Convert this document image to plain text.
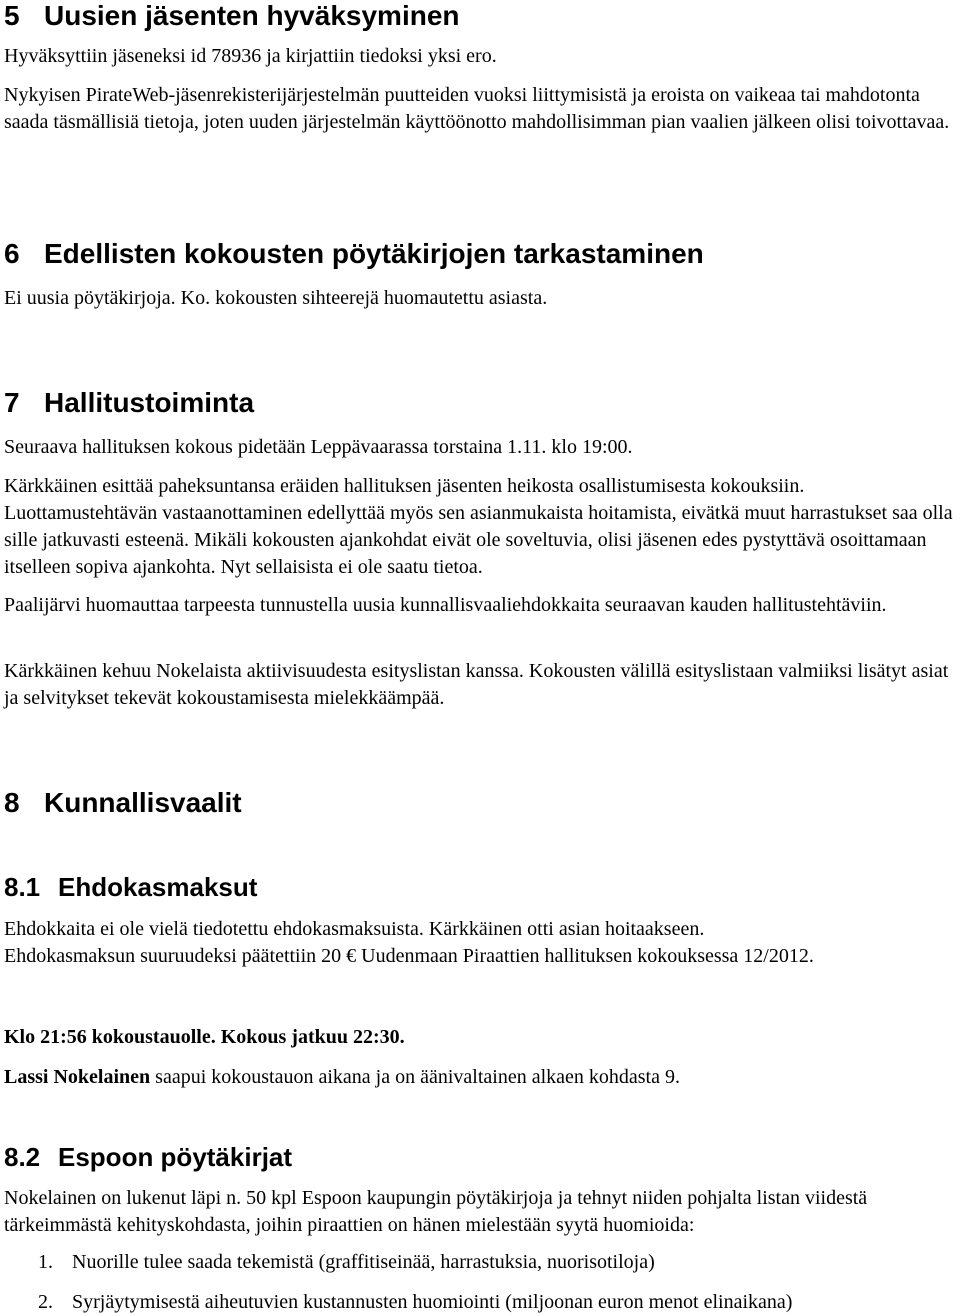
5 Uusien jäsenten hyväksyminen

Hyväksyttiin jäseneksi id 78936 ja kirjattiin tiedoksi yksi ero.

Nykyisen PirateWeb-jäsenrekisterijärjestelmän puutteiden vuoksi liittymisistä ja eroista on vaikeaa tai mahdotonta saada täsmällisiä tietoja, joten uuden järjestelmän käyttöönotto mahdollisimman pian vaalien jälkeen olisi toivottavaa.

6 Edellisten kokousten pöytäkirjojen tarkastaminen

Ei uusia pöytäkirjoja. Ko. kokousten sihteerejä huomautettu asiasta.

7 Hallitustoiminta

Seuraava hallituksen kokous pidetään Leppävaarassa torstaina 1.11. klo 19:00.

Kärkkäinen esittää paheksuntansa eräiden hallituksen jäsenten heikosta osallistumisesta kokouksiin. Luottamustehtävän vastaanottaminen edellyttää myös sen asianmukaista hoitamista, eivätkä muut harrastukset saa olla sille jatkuvasti esteenä. Mikäli kokousten ajankohdat eivät ole soveltuvia, olisi jäsenen edes pystyttävä osoittamaan itselleen sopiva ajankohta. Nyt sellaisista ei ole saatu tietoa.

Paalijärvi huomauttaa tarpeesta tunnustella uusia kunnallisvaaliehdokkaita seuraavan kauden hallitustehtäviin.

Kärkkäinen kehuu Nokelaista aktiivisuudesta esityslistan kanssa. Kokousten välillä esityslistaan valmiiksi lisätyt asiat ja selvitykset tekevät kokoustamisesta mielekkäämpää.

8 Kunnallisvaalit
8.1 Ehdokasmaksut

Ehdokkaita ei ole vielä tiedotettu ehdokasmaksuista. Kärkkäinen otti asian hoitaakseen.

Ehdokasmaksun suuruudeksi päätettiin 20 € Uudenmaan Piraattien hallituksen kokouksessa 12/2012.

Klo 21:56 kokoustauolle. Kokous jatkuu 22:30.

Lassi Nokelainen saapui kokoustauon aikana ja on äänivaltainen alkaen kohdasta 9.

8.2 Espoon pöytäkirjat

Nokelainen on lukenut läpi n. 50 kpl Espoon kaupungin pöytäkirjoja ja tehnyt niiden pohjalta listan viidestä tärkeimmästä kehityskohdasta, joihin piraattien on hänen mielestään syytä huomioida:

1. Nuorille tulee saada tekemistä (graffitiseinää, harrastuksia, nuorisotiloja)
2. Syrjäytymisestä aiheutuvien kustannusten huomiointi (miljoonan euron menot elinaikana)
